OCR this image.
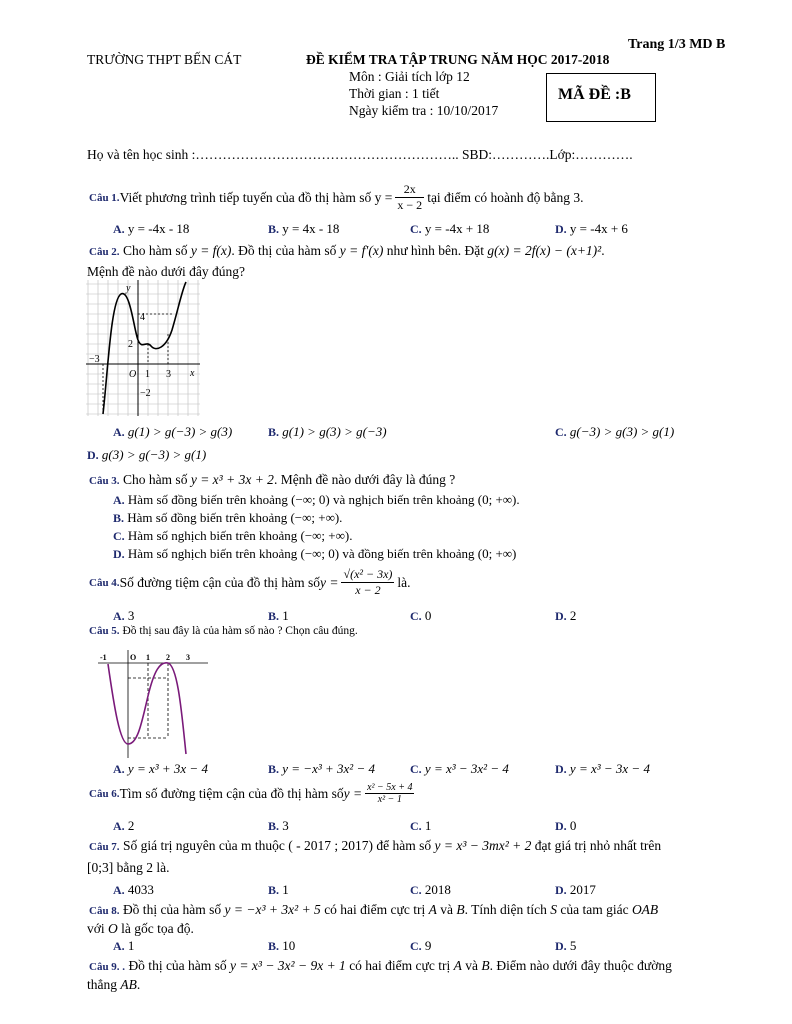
Trang 1/3 MD B
TRƯỜNG THPT BẾN CÁT	ĐỀ KIỂM TRA TẬP TRUNG NĂM HỌC 2017-2018
Môn : Giải tích lớp 12
Thời gian : 1 tiết
Ngày kiểm tra : 10/10/2017
MÃ ĐỀ :B
Họ và tên học sinh :………………………………………………….. SBD:………….Lớp:………….
Câu 1. Viết phương trình tiếp tuyến của đồ thị hàm số $y = \frac{2x}{x - 2}$ tại điểm có hoành độ bằng 3.
A. y = -4x - 18	B. y = 4x - 18	C. y = -4x + 18	D. y = -4x + 6
Câu 2. Cho hàm số y = f(x). Đồ thị của hàm số y = f′(x) như hình bên. Đặt g(x) = 2f(x) − (x+1)².
Mệnh đề nào dưới đây đúng?
y
x
O
4
2
−2
−3
1 3
A. g(1) > g(−3) > g(3)	B. g(1) > g(3) > g(−3)	C. g(−3) > g(3) > g(1)
D. g(3) > g(−3) > g(1)
Câu 3. Cho hàm số y = x³ + 3x + 2. Mệnh đề nào dưới đây là đúng ?
A. Hàm số đồng biến trên khoảng (−∞; 0) và nghịch biến trên khoảng (0; +∞).
B. Hàm số đồng biến trên khoảng (−∞; +∞).
C. Hàm số nghịch biến trên khoảng (−∞; +∞).
D. Hàm số nghịch biến trên khoảng (−∞; 0) và đồng biến trên khoảng (0; +∞)
Câu 4. Số đường tiệm cận của đồ thị hàm số $y = \frac{\text{√(x² − 3x)}}{x - 2}$ là.
A. 3	B. 1	C. 0	D. 2
Câu 5. Đồ thị sau đây là của hàm số nào ? Chọn câu đúng.
-1	O 1 2 3
A. y = x³ + 3x − 4	B. y = −x³ + 3x² − 4	C. y = x³ − 3x² − 4	D. y = x³ − 3x − 4
Câu 6. Tìm số đường tiệm cận của đồ thị hàm số $y = \frac{\text{x² − 5x + 4}}{\text{x² − 1}}$
A. 2	B. 3	C. 1	D. 0
Câu 7. Số giá trị nguyên của m thuộc ( - 2017 ; 2017) để hàm số y = x³ − 3mx² + 2 đạt giá trị nhỏ nhất trên
[0;3] bằng 2 là.
A. 4033	B. 1	C. 2018	D. 2017
Câu 8. Đồ thị của hàm số y = −x³ + 3x² + 5 có hai điểm cực trị A và B. Tính diện tích S của tam giác OAB
với O là gốc tọa độ.
A. 1	B. 10	C. 9	D. 5
Câu 9. . Đồ thị của hàm số y = x³ − 3x² − 9x + 1 có hai điểm cực trị A và B. Điểm nào dưới đây thuộc đường
thẳng AB.
